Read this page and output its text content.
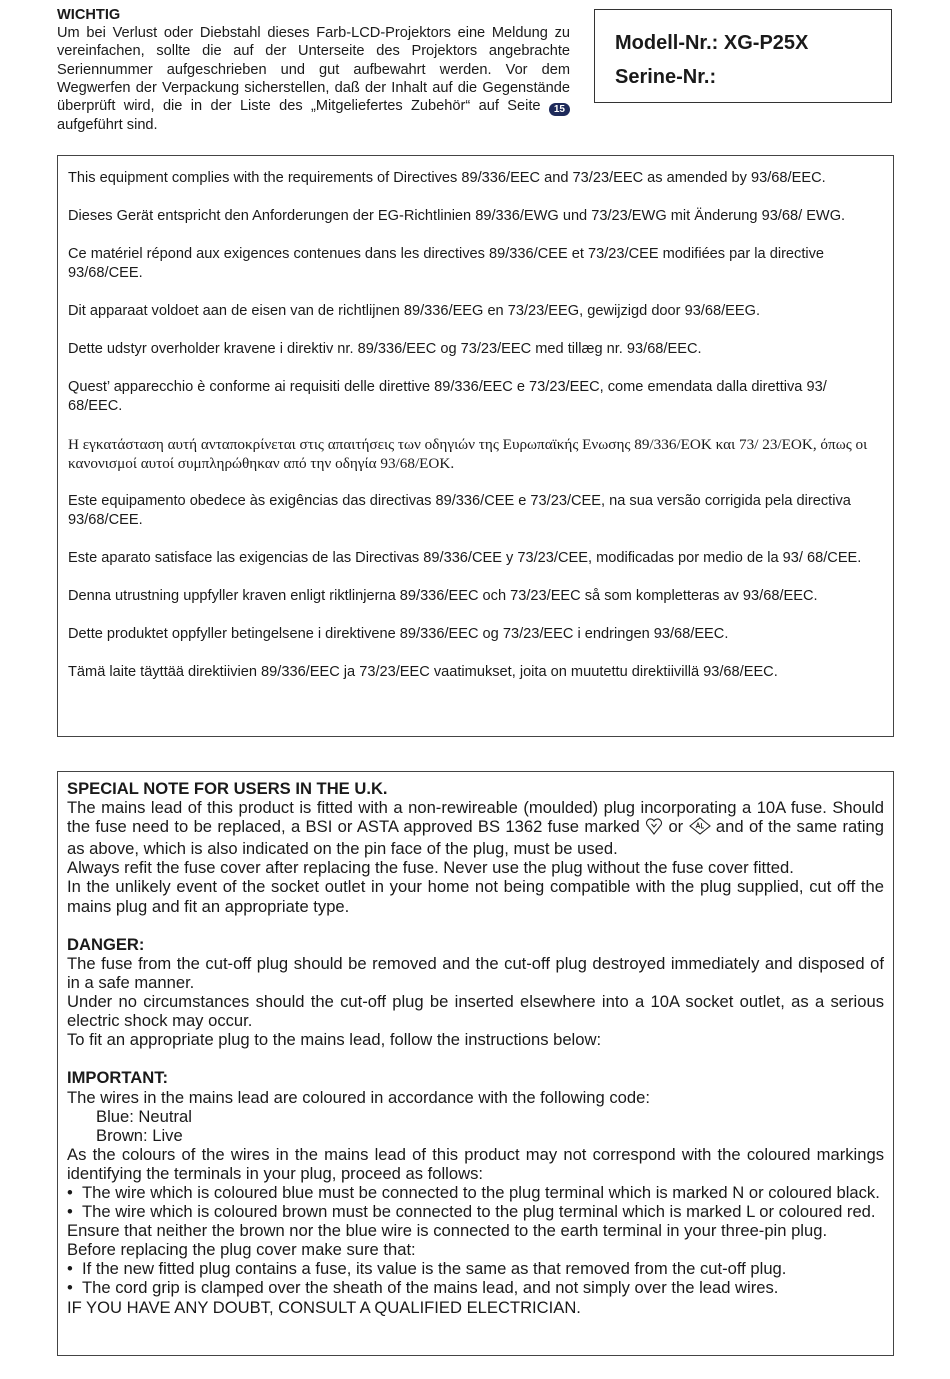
WICHTIG

Um bei Verlust oder Diebstahl dieses Farb-LCD-Projektors eine Meldung zu vereinfachen, sollte die auf der Unterseite des Projektors angebrachte Seriennummer aufgeschrieben und gut aufbewahrt werden. Vor dem Wegwerfen der Verpackung sicherstellen, daß der Inhalt auf die Gegenstände überprüft wird, die in der Liste des „Mitgeliefertes Zubehör“ auf Seite 15 aufgeführt sind.

Modell-Nr.: XG-P25X
Serine-Nr.:

This equipment complies with the requirements of Directives 89/336/EEC and 73/23/EEC as amended by 93/68/EEC.

Dieses Gerät entspricht den Anforderungen der EG-Richtlinien 89/336/EWG und 73/23/EWG mit Änderung 93/68/ EWG.

Ce matériel répond aux exigences contenues dans les directives 89/336/CEE et 73/23/CEE modifiées par la directive 93/68/CEE.

Dit apparaat voldoet aan de eisen van de richtlijnen 89/336/EEG en 73/23/EEG, gewijzigd door 93/68/EEG.

Dette udstyr overholder kravene i direktiv nr. 89/336/EEC og 73/23/EEC med tillæg nr. 93/68/EEC.

Quest’ apparecchio è conforme ai requisiti delle direttive 89/336/EEC e 73/23/EEC, come emendata dalla direttiva 93/ 68/EEC.

Η εγκατάσταση αυτή ανταποκρίνεται στις απαιτήσεις των οδηγιών της Ευρωπαϊκής Ενωσης 89/336/ΕΟΚ και 73/ 23/ΕΟΚ, όπως οι κανονισμοί αυτοί συμπληρώθηκαν από την οδηγία 93/68/ΕΟΚ.

Este equipamento obedece às exigências das directivas 89/336/CEE e 73/23/CEE, na sua versão corrigida pela directiva 93/68/CEE.

Este aparato satisface las exigencias de las Directivas 89/336/CEE y 73/23/CEE, modificadas por medio de la 93/ 68/CEE.

Denna utrustning uppfyller kraven enligt riktlinjerna 89/336/EEC och 73/23/EEC så som kompletteras av 93/68/EEC.

Dette produktet oppfyller betingelsene i direktivene 89/336/EEC og 73/23/EEC i endringen 93/68/EEC.

Tämä laite täyttää direktiivien 89/336/EEC ja 73/23/EEC vaatimukset, joita on muutettu direktiivillä 93/68/EEC.

SPECIAL NOTE FOR USERS IN THE U.K.
The mains lead of this product is fitted with a non-rewireable (moulded) plug incorporating a 10A fuse. Should the fuse need to be replaced, a BSI or ASTA approved BS 1362 fuse marked or and of the same rating as above, which is also indicated on the pin face of the plug, must be used.
Always refit the fuse cover after replacing the fuse. Never use the plug without the fuse cover fitted.
In the unlikely event of the socket outlet in your home not being compatible with the plug supplied, cut off the mains plug and fit an appropriate type.
DANGER:
The fuse from the cut-off plug should be removed and the cut-off plug destroyed immediately and disposed of in a safe manner.
Under no circumstances should the cut-off plug be inserted elsewhere into a 10A socket outlet, as a serious electric shock may occur.
To fit an appropriate plug to the mains lead, follow the instructions below:
IMPORTANT:
The wires in the mains lead are coloured in accordance with the following code:
Blue: Neutral
Brown: Live
As the colours of the wires in the mains lead of this product may not correspond with the coloured markings identifying the terminals in your plug, proceed as follows:
• The wire which is coloured blue must be connected to the plug terminal which is marked N or coloured black.
• The wire which is coloured brown must be connected to the plug terminal which is marked L or coloured red.
Ensure that neither the brown nor the blue wire is connected to the earth terminal in your three-pin plug.
Before replacing the plug cover make sure that:
• If the new fitted plug contains a fuse, its value is the same as that removed from the cut-off plug.
• The cord grip is clamped over the sheath of the mains lead, and not simply over the lead wires.
IF YOU HAVE ANY DOUBT, CONSULT A QUALIFIED ELECTRICIAN.
